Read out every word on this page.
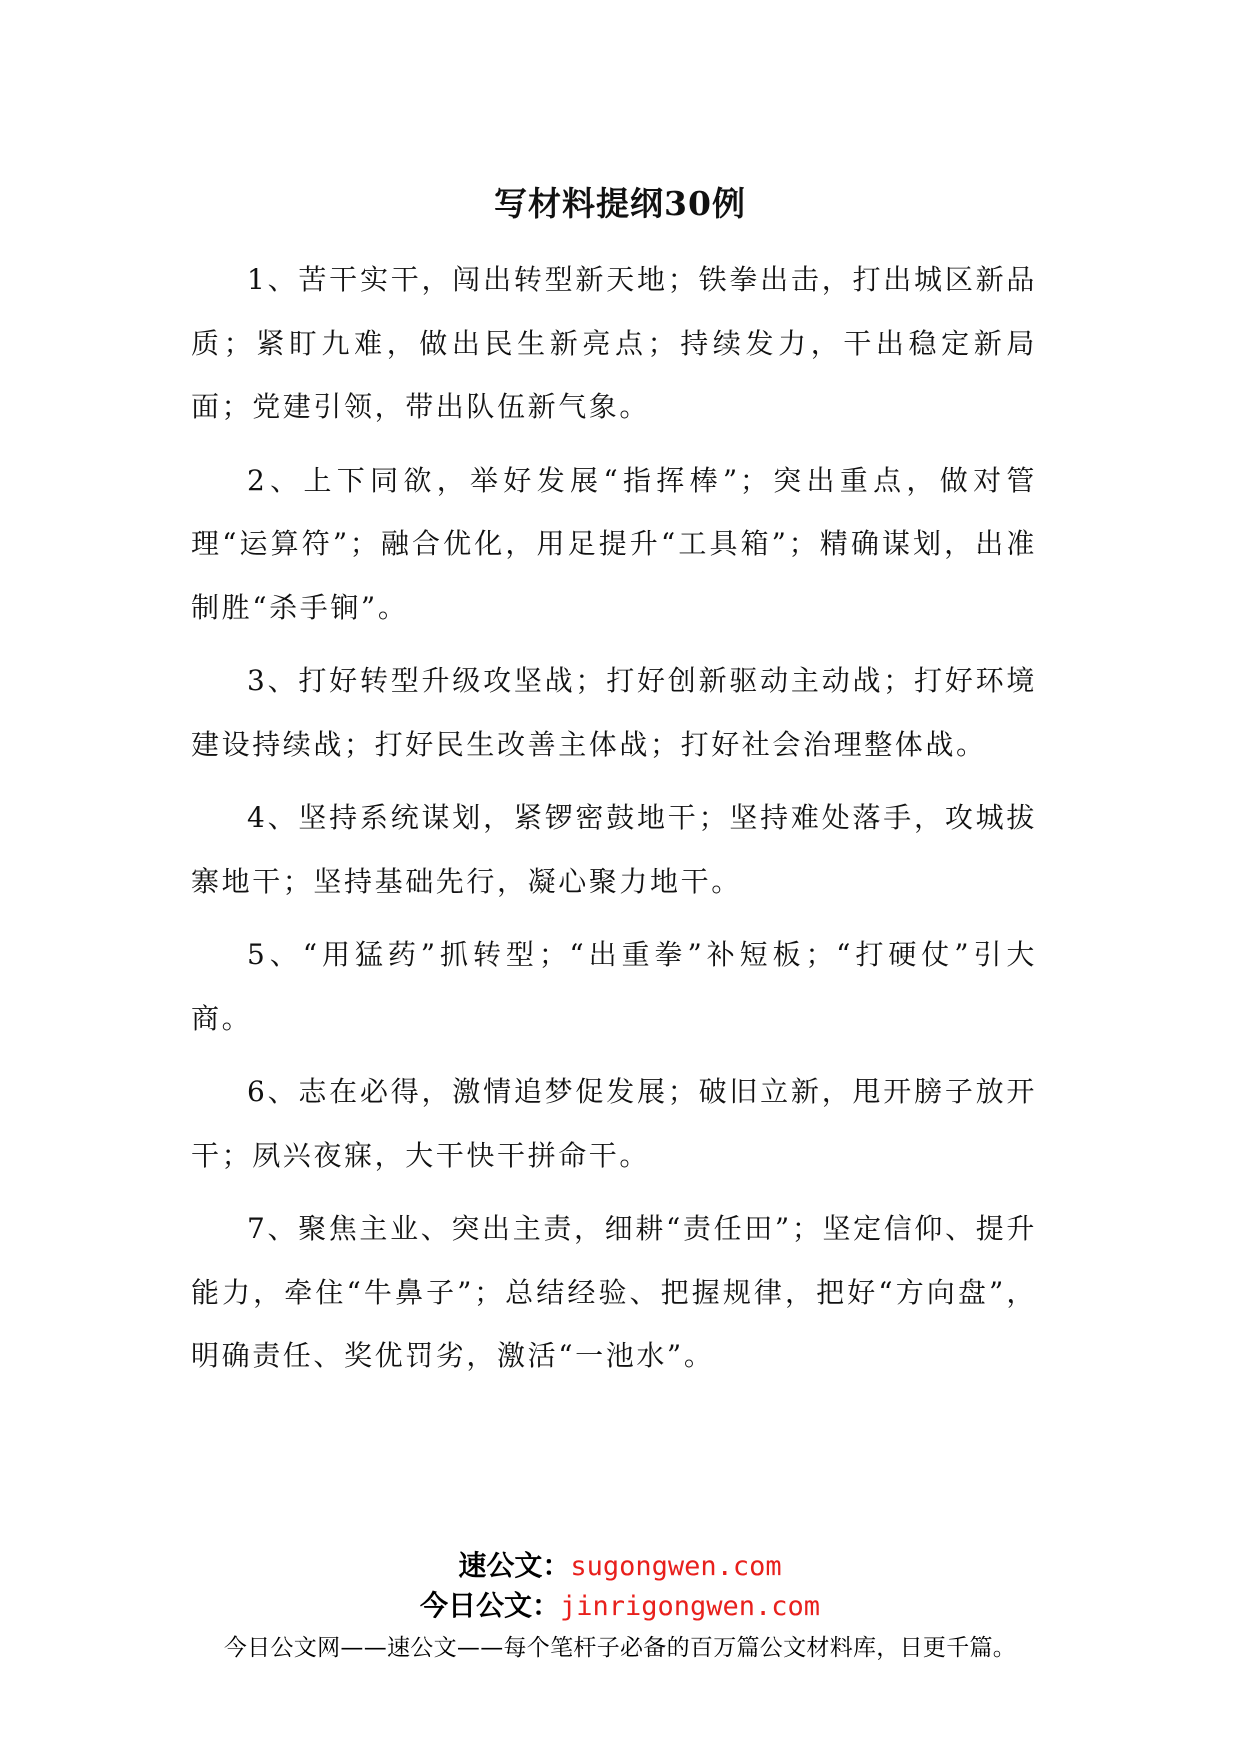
写材料提纲30例

1、苦干实干，闯出转型新天地；铁拳出击，打出城区新品质；紧盯九难，做出民生新亮点；持续发力，干出稳定新局面；党建引领，带出队伍新气象。

2、上下同欲，举好发展“指挥棒”；突出重点，做对管理“运算符”；融合优化，用足提升“工具箱”；精确谋划，出准制胜“杀手锏”。

3、打好转型升级攻坚战；打好创新驱动主动战；打好环境建设持续战；打好民生改善主体战；打好社会治理整体战。

4、坚持系统谋划，紧锣密鼓地干；坚持难处落手，攻城拔寨地干；坚持基础先行，凝心聚力地干。

5、“用猛药”抓转型；“出重拳”补短板；“打硬仗”引大商。

6、志在必得，激情追梦促发展；破旧立新，甩开膀子放开干；夙兴夜寐，大干快干拼命干。

7、聚焦主业、突出主责，细耕“责任田”；坚定信仰、提升能力，牵住“牛鼻子”；总结经验、把握规律，把好“方向盘”，明确责任、奖优罚劣，激活“一池水”。

速公文：sugongwen.com
今日公文：jinrigongwen.com
今日公文网——速公文——每个笔杆子必备的百万篇公文材料库，日更千篇。
